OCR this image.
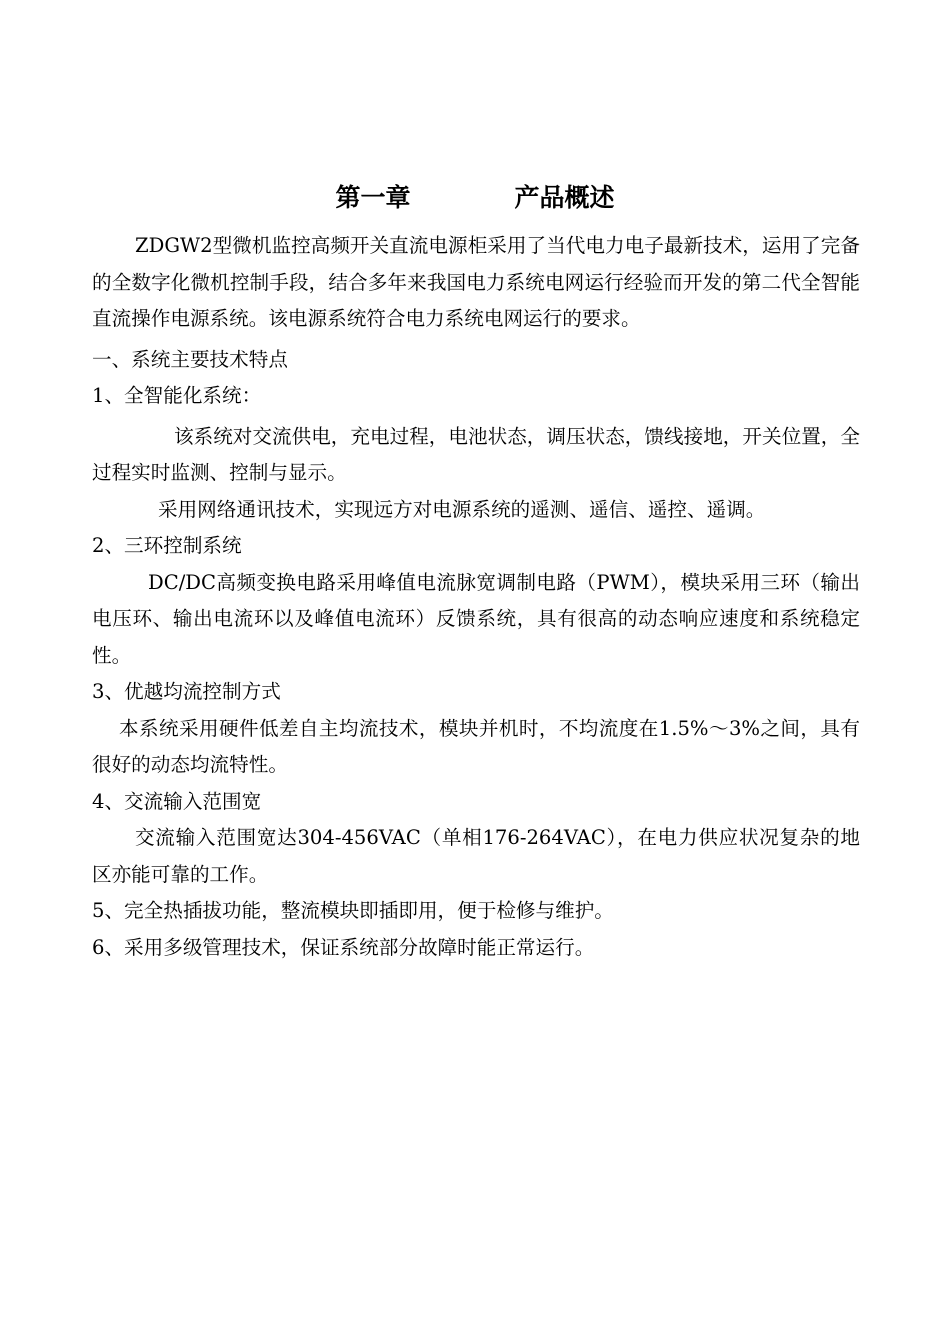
第一章	产品概述

ZDGW2型微机监控高频开关直流电源柜采用了当代电力电子最新技术，运用了完备的全数字化微机控制手段，结合多年来我国电力系统电网运行经验而开发的第二代全智能直流操作电源系统。该电源系统符合电力系统电网运行的要求。

一、系统主要技术特点

1、全智能化系统：

该系统对交流供电，充电过程，电池状态，调压状态，馈线接地，开关位置，全过程实时监测、控制与显示。

采用网络通讯技术，实现远方对电源系统的遥测、遥信、遥控、遥调。

2、三环控制系统

DC/DC高频变换电路采用峰值电流脉宽调制电路（PWM），模块采用三环（输出电压环、输出电流环以及峰值电流环）反馈系统，具有很高的动态响应速度和系统稳定性。

3、优越均流控制方式

本系统采用硬件低差自主均流技术，模块并机时，不均流度在1.5%～3%之间，具有很好的动态均流特性。

4、交流输入范围宽

交流输入范围宽达304-456VAC（单相176-264VAC），在电力供应状况复杂的地区亦能可靠的工作。

5、完全热插拔功能，整流模块即插即用，便于检修与维护。

6、采用多级管理技术，保证系统部分故障时能正常运行。
